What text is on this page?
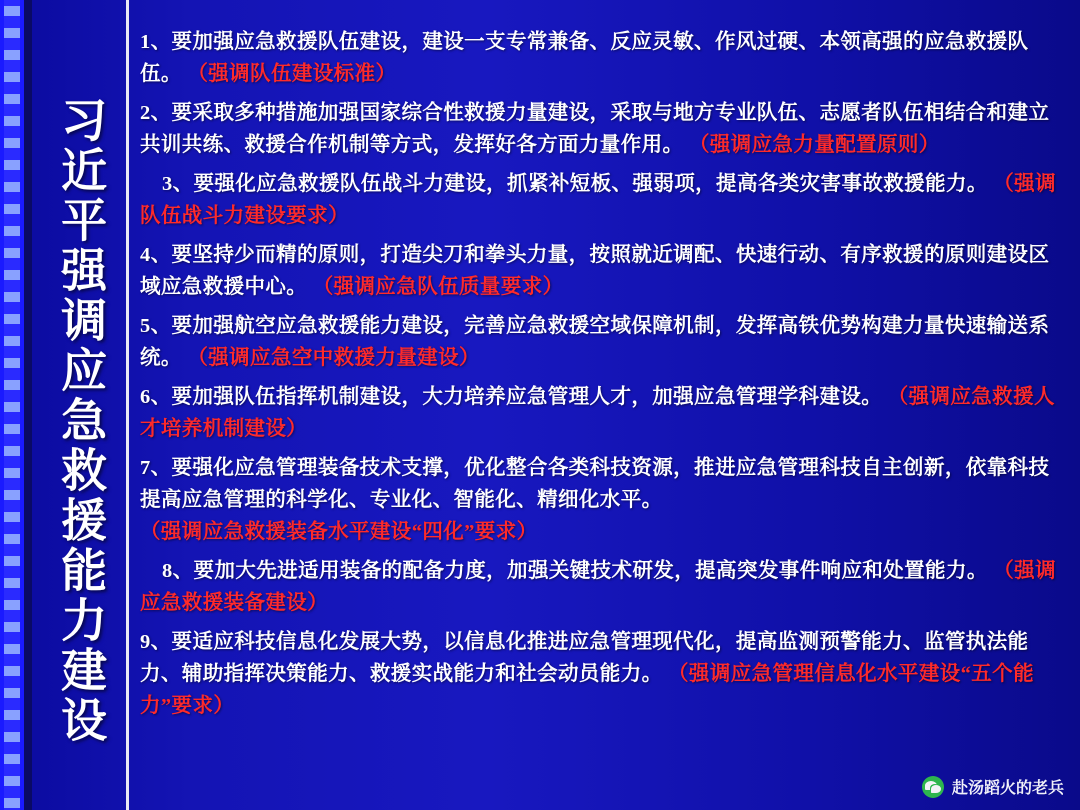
习近平强调应急救援能力建设

1、要加强应急救援队伍建设，建设一支专常兼备、反应灵敏、作风过硬、本领高强的应急救援队伍。 （强调队伍建设标准）

2、要采取多种措施加强国家综合性救援力量建设，采取与地方专业队伍、志愿者队伍相结合和建立共训共练、救援合作机制等方式，发挥好各方面力量作用。 （强调应急力量配置原则）

3、要强化应急救援队伍战斗力建设，抓紧补短板、强弱项，提高各类灾害事故救援能力。 （强调队伍战斗力建设要求）

4、要坚持少而精的原则，打造尖刀和拳头力量，按照就近调配、快速行动、有序救援的原则建设区域应急救援中心。 （强调应急队伍质量要求）

5、要加强航空应急救援能力建设，完善应急救援空域保障机制，发挥高铁优势构建力量快速输送系统。 （强调应急空中救援力量建设）

6、要加强队伍指挥机制建设，大力培养应急管理人才，加强应急管理学科建设。 （强调应急救援人才培养机制建设）

7、要强化应急管理装备技术支撑，优化整合各类科技资源，推进应急管理科技自主创新，依靠科技提高应急管理的科学化、专业化、智能化、精细化水平。 （强调应急救援装备水平建设“四化”要求）

8、要加大先进适用装备的配备力度，加强关键技术研发，提高突发事件响应和处置能力。 （强调应急救援装备建设）

9、要适应科技信息化发展大势，以信息化推进应急管理现代化，提高监测预警能力、监管执法能力、辅助指挥决策能力、救援实战能力和社会动员能力。 （强调应急管理信息化水平建设“五个能力”要求）

赴汤蹈火的老兵
